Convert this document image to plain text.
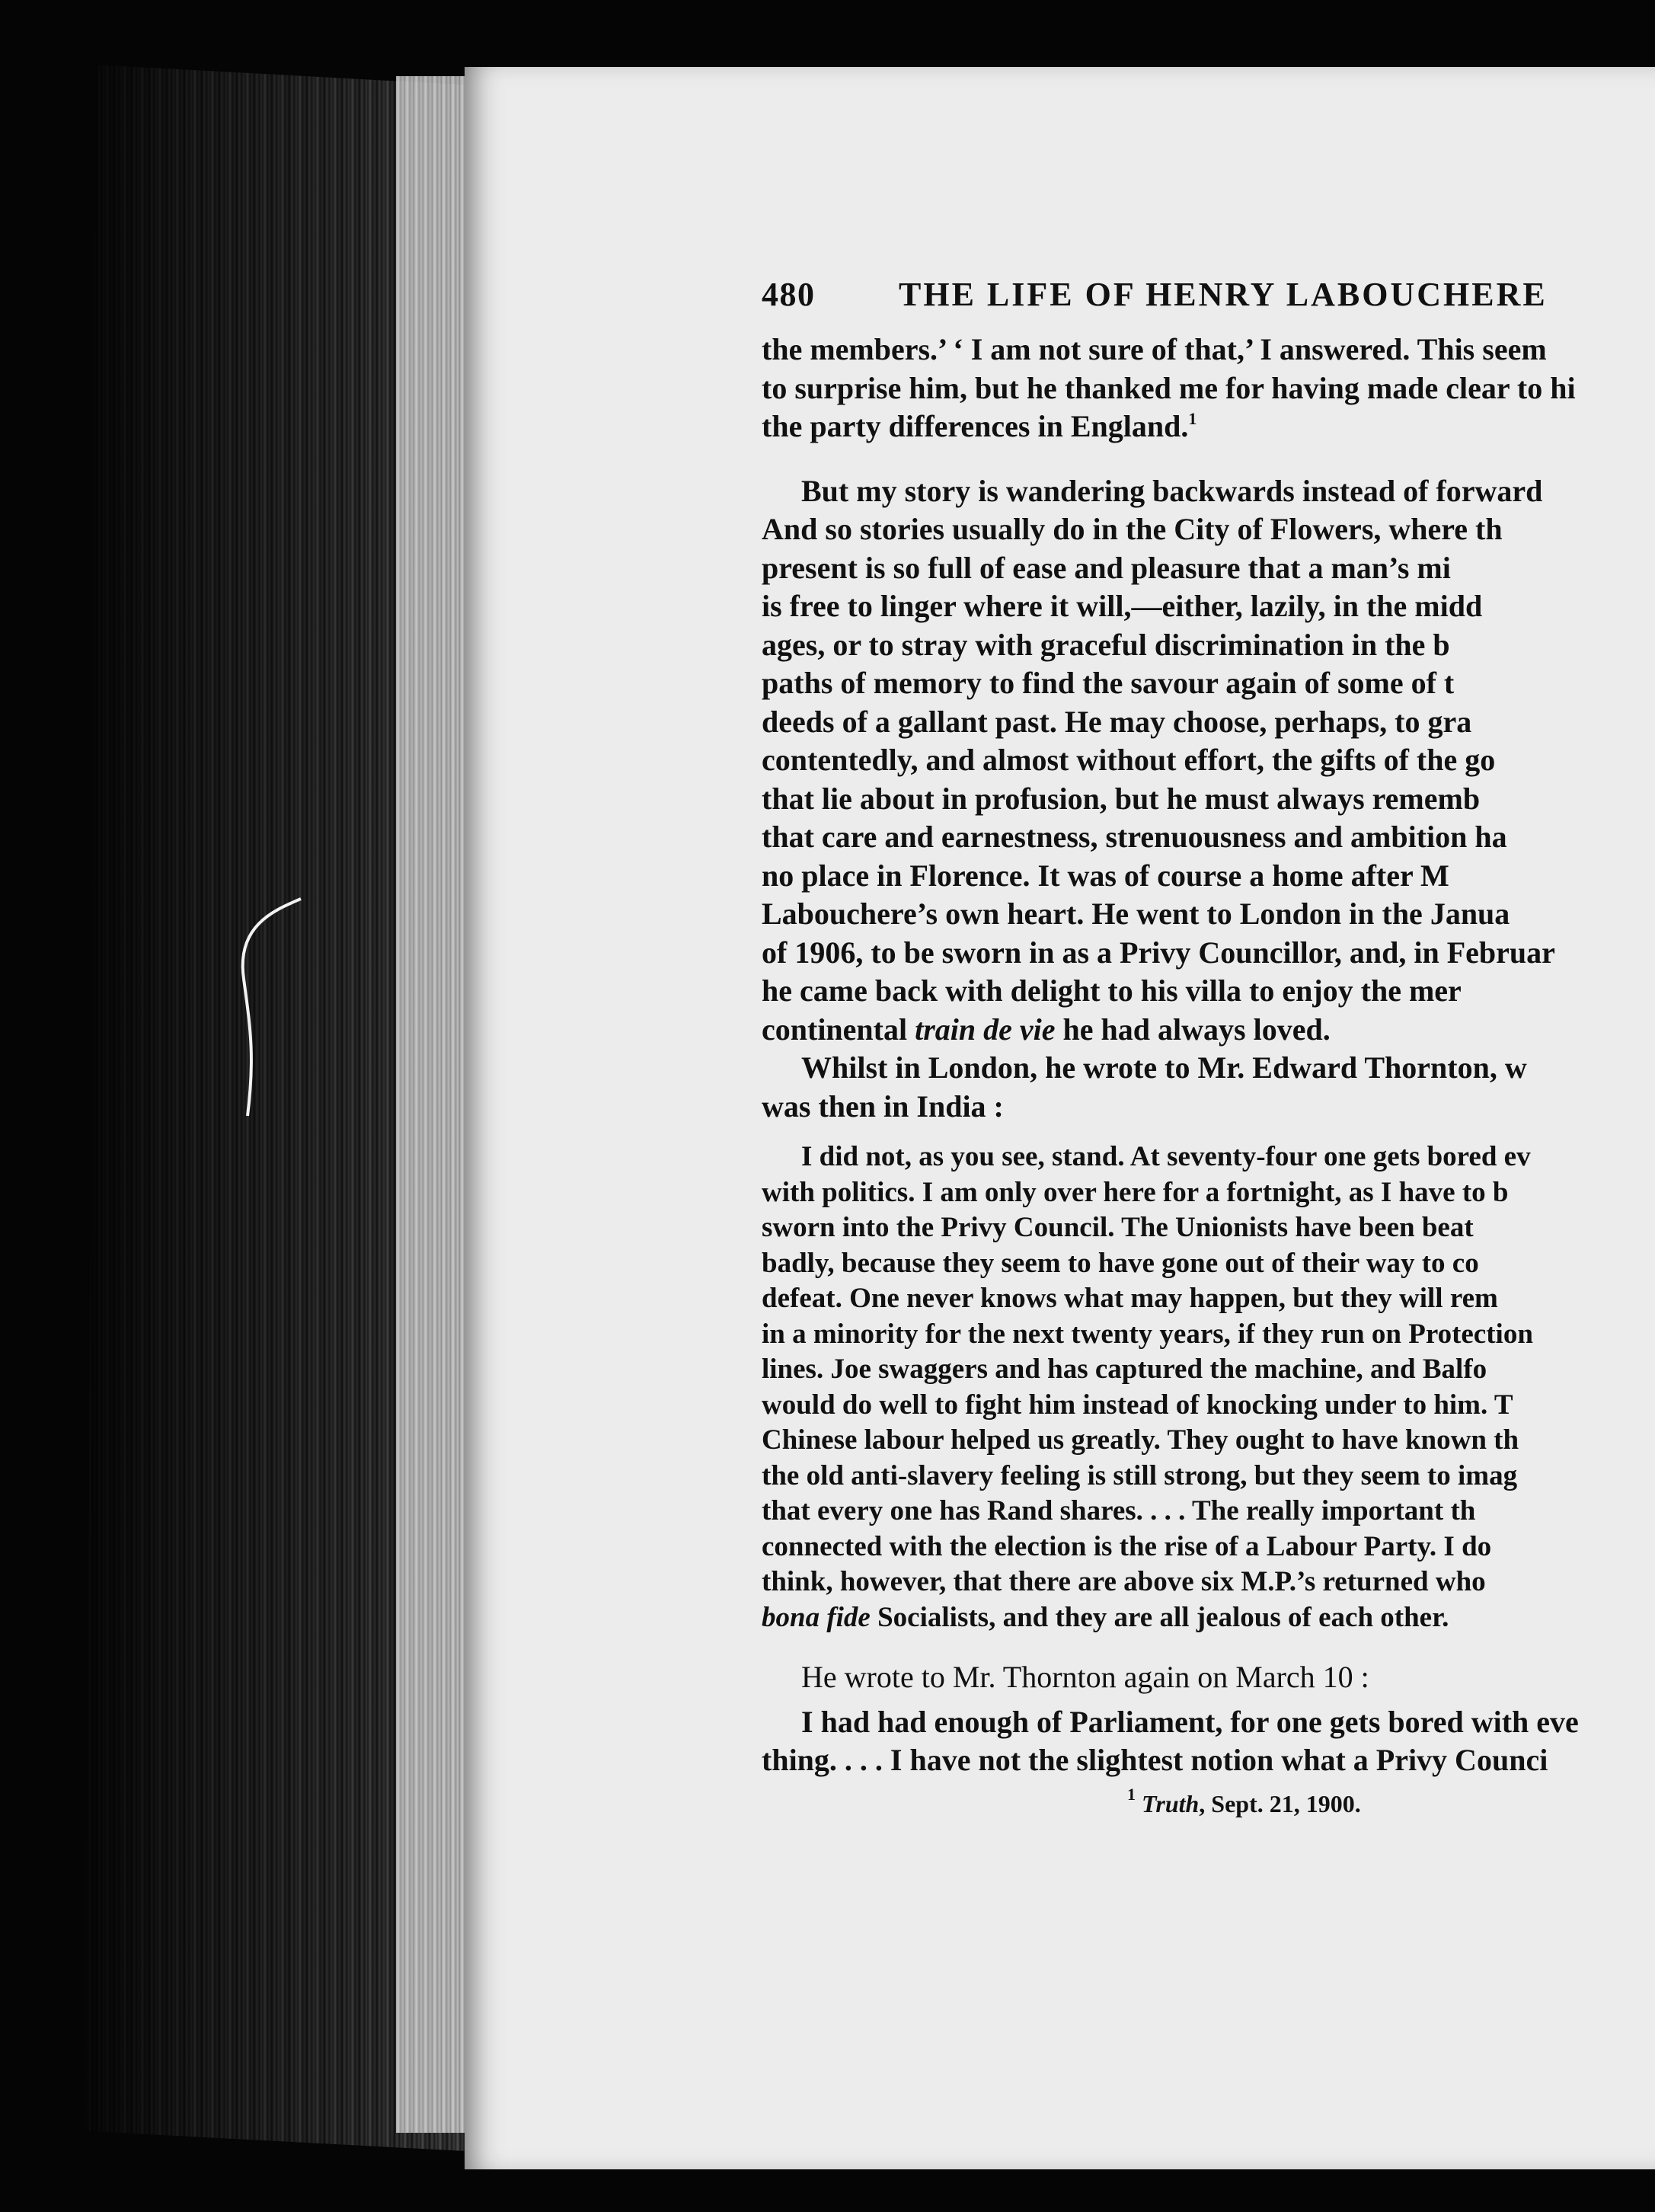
480 THE LIFE OF HENRY LABOUCHERE
the members.’ ‘ I am not sure of that,’ I answered. This seem
to surprise him, but he thanked me for having made clear to hi
the party differences in England.$^1$
But my story is wandering backwards instead of forward
And so stories usually do in the City of Flowers, where th
present is so full of ease and pleasure that a man’s mi
is free to linger where it will,—either, lazily, in the midd
ages, or to stray with graceful discrimination in the b
paths of memory to find the savour again of some of t
deeds of a gallant past. He may choose, perhaps, to gra
contentedly, and almost without effort, the gifts of the go
that lie about in profusion, but he must always rememb
that care and earnestness, strenuousness and ambition ha
no place in Florence. It was of course a home after M
Labouchere’s own heart. He went to London in the Janua
of 1906, to be sworn in as a Privy Councillor, and, in Februar
he came back with delight to his villa to enjoy the mer
continental train de vie he had always loved.
Whilst in London, he wrote to Mr. Edward Thornton, w
was then in India :
I did not, as you see, stand. At seventy-four one gets bored ev
with politics. I am only over here for a fortnight, as I have to b
sworn into the Privy Council. The Unionists have been beat
badly, because they seem to have gone out of their way to co
defeat. One never knows what may happen, but they will rem
in a minority for the next twenty years, if they run on Protection
lines. Joe swaggers and has captured the machine, and Balfo
would do well to fight him instead of knocking under to him. T
Chinese labour helped us greatly. They ought to have known th
the old anti-slavery feeling is still strong, but they seem to imag
that every one has Rand shares. . . . The really important th
connected with the election is the rise of a Labour Party. I do
think, however, that there are above six M.P.’s returned who
bona fide Socialists, and they are all jealous of each other.
He wrote to Mr. Thornton again on March 10 :
I had had enough of Parliament, for one gets bored with eve
thing. . . . I have not the slightest notion what a Privy Counci
$^1$ Truth, Sept. 21, 1900.
